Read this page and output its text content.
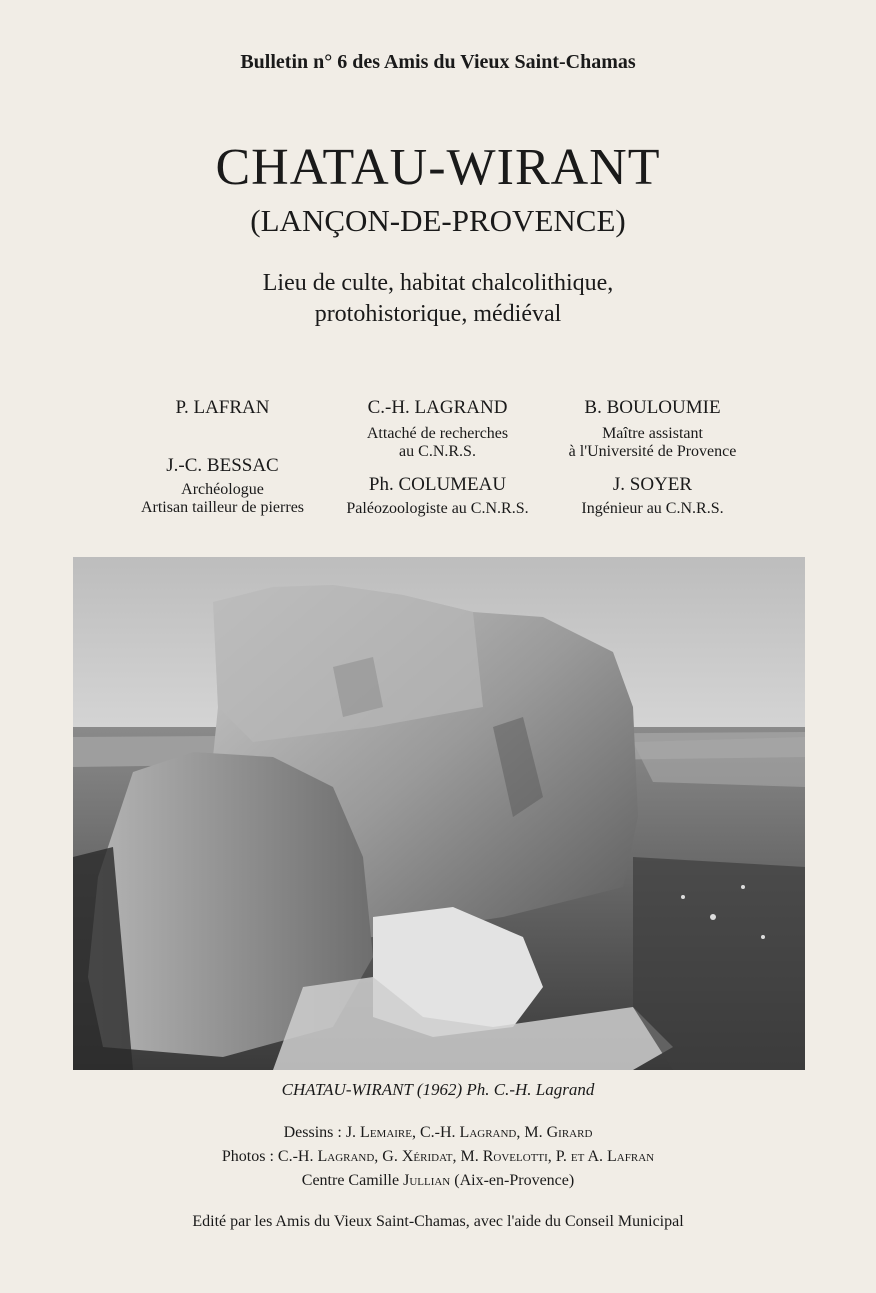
Bulletin n° 6 des Amis du Vieux Saint-Chamas
CHATAU-WIRANT
(LANÇON-DE-PROVENCE)
Lieu de culte, habitat chalcolithique,
protohistorique, médiéval
P. LAFRAN	C.-H. LAGRAND
Attaché de recherches
au C.N.R.S.
B. BOULOUMIE
Maître assistant
à l'Université de Provence
J.-C. BESSAC
Archéologue
Artisan tailleur de pierres
Ph. COLUMEAU
Paléozoologiste au C.N.R.S.
J. SOYER
Ingénieur au C.N.R.S.
CHATAU-WIRANT (1962) Ph. C.-H. Lagrand
Dessins : J. Lemaire, C.-H. Lagrand, M. Girard
Photos : C.-H. Lagrand, G. Xéridat, M. Rovelotti, P. et A. Lafran
Centre Camille Jullian (Aix-en-Provence)
Edité par les Amis du Vieux Saint-Chamas, avec l'aide du Conseil Municipal
